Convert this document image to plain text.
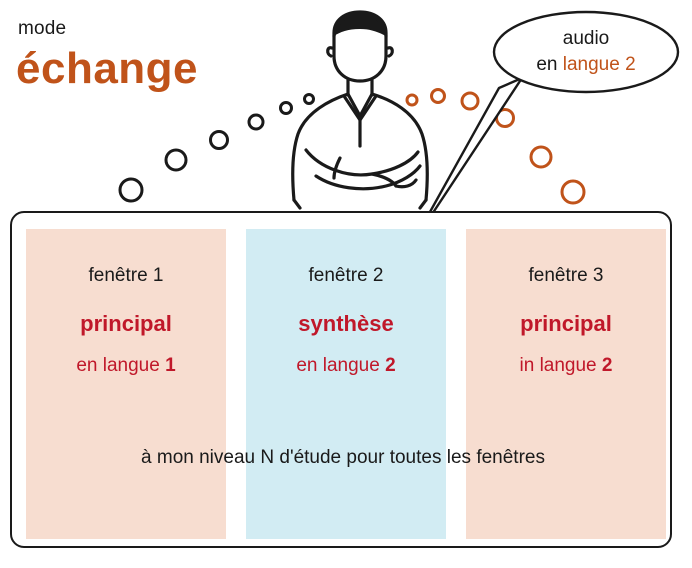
mode
échange
audio
en langue 2
fenêtre 1
principal
en langue 1
fenêtre 2
synthèse
en langue 2
fenêtre 3
principal
in langue 2
à mon niveau N d'étude pour toutes les fenêtres
